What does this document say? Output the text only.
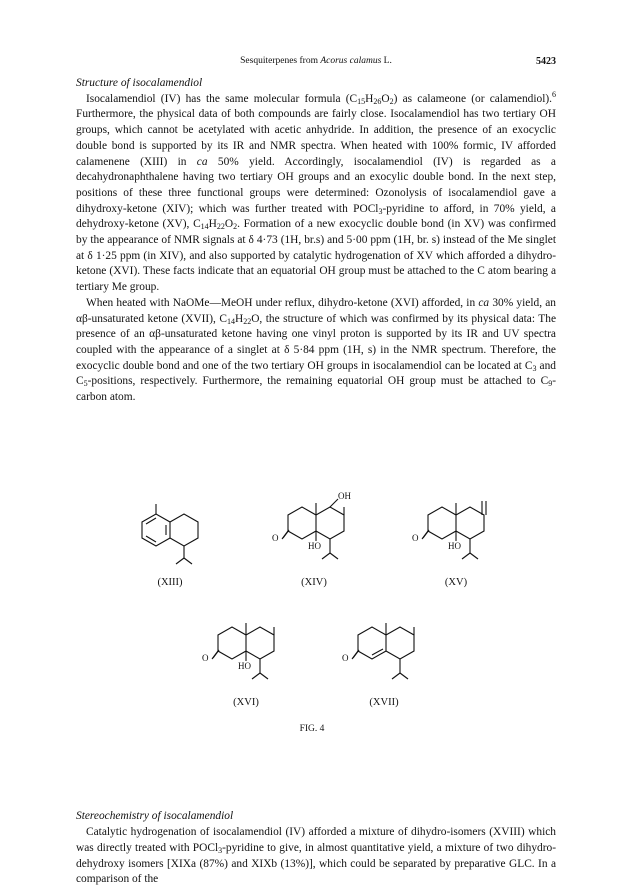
Sesquiterpenes from Acorus calamus L.	5423
Structure of isocalamendiol

Isocalamendiol (IV) has the same molecular formula $(C_{15}H_{26}O_2)$ as calameone (or calamendiol).$^6$ Furthermore, the physical data of both compounds are fairly close. Isocalamendiol has two tertiary OH groups, which cannot be acetylated with acetic anhydride. In addition, the presence of an exocyclic double bond is supported by its IR and NMR spectra. When heated with 100% formic, IV afforded calamenene (XIII) in ca 50% yield. Accordingly, isocalamendiol (IV) is regarded as a decahydronaphthalene having two tertiary OH groups and an exocylic double bond. In the next step, positions of these three functional groups were determined: Ozonolysis of isocalamendiol gave a dihydroxy-ketone (XIV); which was further treated with POCl$_3$-pyridine to afford, in 70% yield, a dehydroxy-ketone (XV), $C_{14}H_{22}O_2$. Formation of a new exocyclic double bond (in XV) was confirmed by the appearance of NMR signals at δ 4·73 (1H, br.s) and 5·00 ppm (1H, br. s) instead of the Me singlet at δ 1·25 ppm (in XIV), and also supported by catalytic hydrogenation of XV which afforded a dihydro-ketone (XVI). These facts indicate that an equatorial OH group must be attached to the C atom bearing a tertiary Me group.

When heated with NaOMe—MeOH under reflux, dihydro-ketone (XVI) afforded, in ca 30% yield, an αβ-unsaturated ketone (XVII), $C_{14}H_{22}O$, the structure of which was confirmed by its physical data: The presence of an αβ-unsaturated ketone having one vinyl proton is supported by its IR and UV spectra coupled with the appearance of a singlet at δ 5·84 ppm (1H, s) in the NMR spectrum. Therefore, the exocyclic double bond and one of the two tertiary OH groups in isocalamendiol can be located at $C_3$ and $C_5$-positions, respectively. Furthermore, the remaining equatorial OH group must be attached to $C_9$-carbon atom.

(XIII)
O
OH
HO
(XIV)
O
HO
(XV)
O
HO
(XVI)
O
(XVII)
FIG. 4
Stereochemistry of isocalamendiol

Catalytic hydrogenation of isocalamendiol (IV) afforded a mixture of dihydro-isomers (XVIII) which was directly treated with POCl$_3$-pyridine to give, in almost quantitative yield, a mixture of two dihydro-dehydroxy isomers [XIXa (87%) and XIXb (13%)], which could be separated by preparative GLC. In a comparison of the
